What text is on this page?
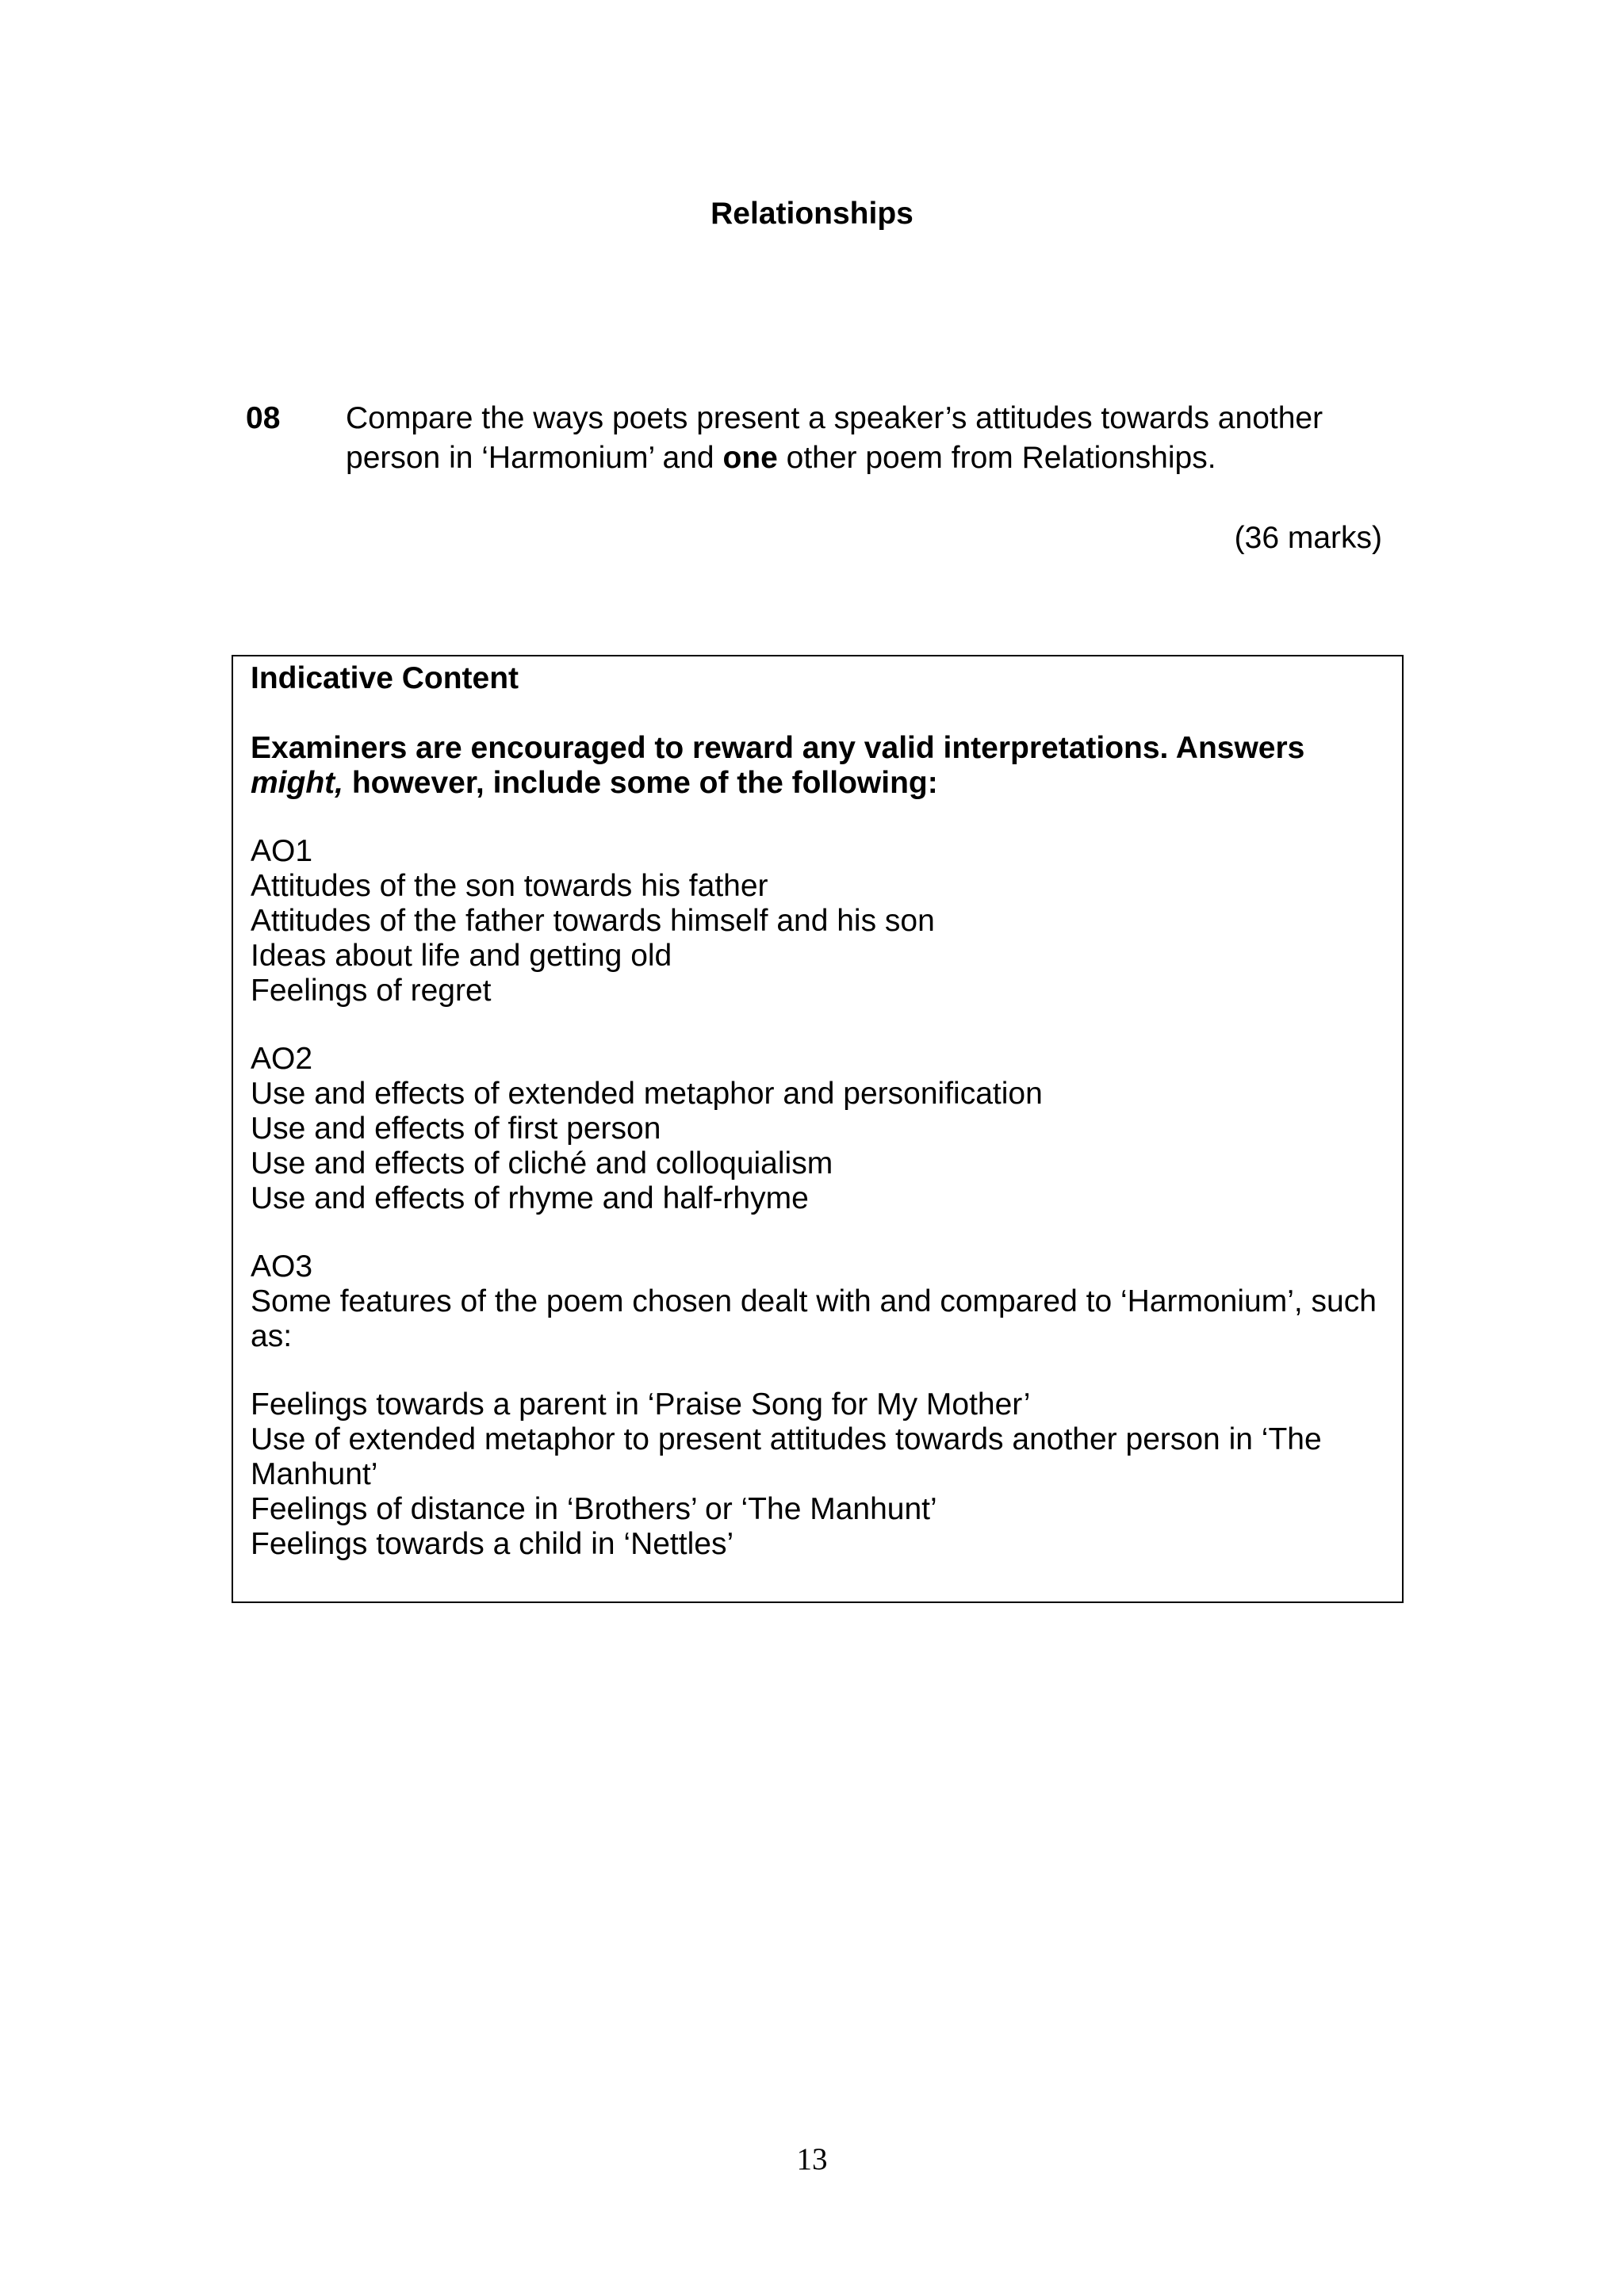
Relationships
08 Compare the ways poets present a speaker’s attitudes towards another person in ‘Harmonium’ and one other poem from Relationships.
(36 marks)
Indicative Content
Examiners are encouraged to reward any valid interpretations. Answers might, however, include some of the following:
AO1
Attitudes of the son towards his father
Attitudes of the father towards himself and his son
Ideas about life and getting old
Feelings of regret
AO2
Use and effects of extended metaphor and personification
Use and effects of first person
Use and effects of cliché and colloquialism
Use and effects of rhyme and half-rhyme
AO3
Some features of the poem chosen dealt with and compared to ‘Harmonium’, such as:
Feelings towards a parent in ‘Praise Song for My Mother’
Use of extended metaphor to present attitudes towards another person in ‘The Manhunt’
Feelings of distance in ‘Brothers’ or ‘The Manhunt’
Feelings towards a child in ‘Nettles’
13
